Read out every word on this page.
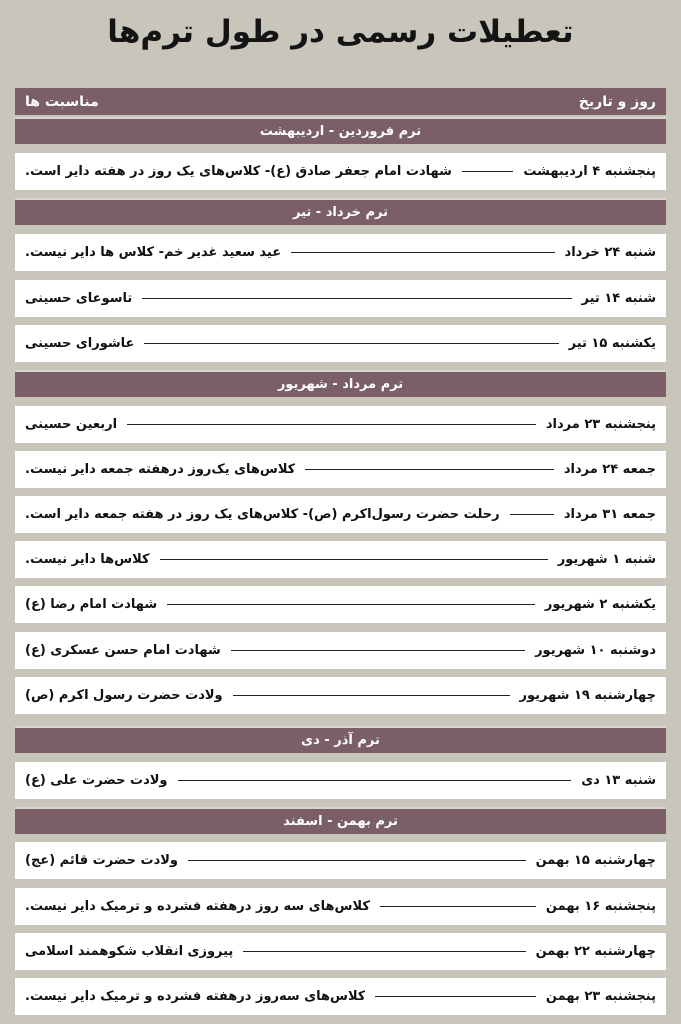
تعطیلات رسمی در طول ترم‌ها
روز و تاریخ
مناسبت ها
ترم فروردین - اردیبهشت
پنجشنبه ۴ اردیبهشت
شهادت امام جعفر صادق (ع)- کلاس‌های یک روز در هفته دایر است.
ترم خرداد - تیر
شنبه ۲۴ خرداد
عید سعید غدیر خم- کلاس ها دایر نیست.
شنبه ۱۴ تیر
تاسوعای حسینی
یکشنبه ۱۵ تیر
عاشورای حسینی
ترم مرداد - شهریور
پنجشنبه ۲۳ مرداد
اربعین حسینی
جمعه ۲۴ مرداد
کلاس‌های یک‌روز درهفته جمعه دایر نیست.
جمعه ۳۱ مرداد
رحلت حضرت رسول‌اکرم (ص)- کلاس‌های یک روز در هفته جمعه دایر است.
شنبه ۱ شهریور
کلاس‌ها دایر نیست.
یکشنبه ۲ شهریور
شهادت امام رضا (ع)
دوشنبه ۱۰ شهریور
شهادت امام حسن عسکری (ع)
چهارشنبه ۱۹ شهریور
ولادت حضرت رسول اکرم (ص)
ترم آذر - دی
شنبه ۱۳ دی
ولادت حضرت علی (ع)
ترم بهمن - اسفند
چهارشنبه ۱۵ بهمن
ولادت حضرت قائم (عج)
پنجشنبه ۱۶ بهمن
کلاس‌های سه روز درهفته فشرده و ترمیک دایر نیست.
چهارشنبه ۲۲ بهمن
پیروزی انقلاب شکوهمند اسلامی
پنجشنبه ۲۳ بهمن
کلاس‌های سه‌روز درهفته فشرده و ترمیک دایر نیست.
